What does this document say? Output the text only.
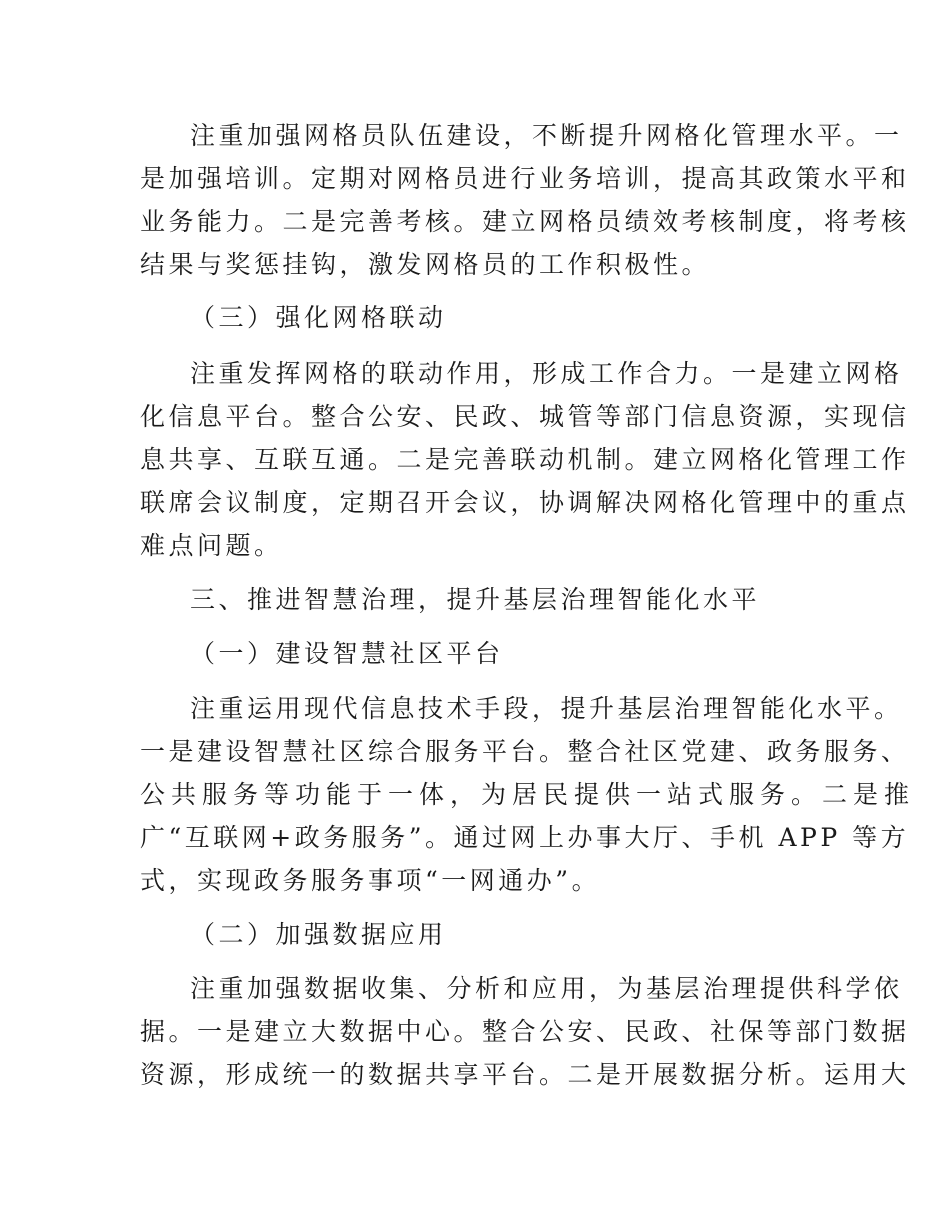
注重加强网格员队伍建设，不断提升网格化管理水平。一
是加强培训。定期对网格员进行业务培训，提高其政策水平和
业务能力。二是完善考核。建立网格员绩效考核制度，将考核
结果与奖惩挂钩，激发网格员的工作积极性。
（三）强化网格联动
注重发挥网格的联动作用，形成工作合力。一是建立网格
化信息平台。整合公安、民政、城管等部门信息资源，实现信
息共享、互联互通。二是完善联动机制。建立网格化管理工作
联席会议制度，定期召开会议，协调解决网格化管理中的重点
难点问题。
三、推进智慧治理，提升基层治理智能化水平
（一）建设智慧社区平台
注重运用现代信息技术手段，提升基层治理智能化水平。
一是建设智慧社区综合服务平台。整合社区党建、政务服务、
公共服务等功能于一体，为居民提供一站式服务。二是推
广“互联网+政务服务”。通过网上办事大厅、手机 APP 等方
式，实现政务服务事项“一网通办”。
（二）加强数据应用
注重加强数据收集、分析和应用，为基层治理提供科学依
据。一是建立大数据中心。整合公安、民政、社保等部门数据
资源，形成统一的数据共享平台。二是开展数据分析。运用大
